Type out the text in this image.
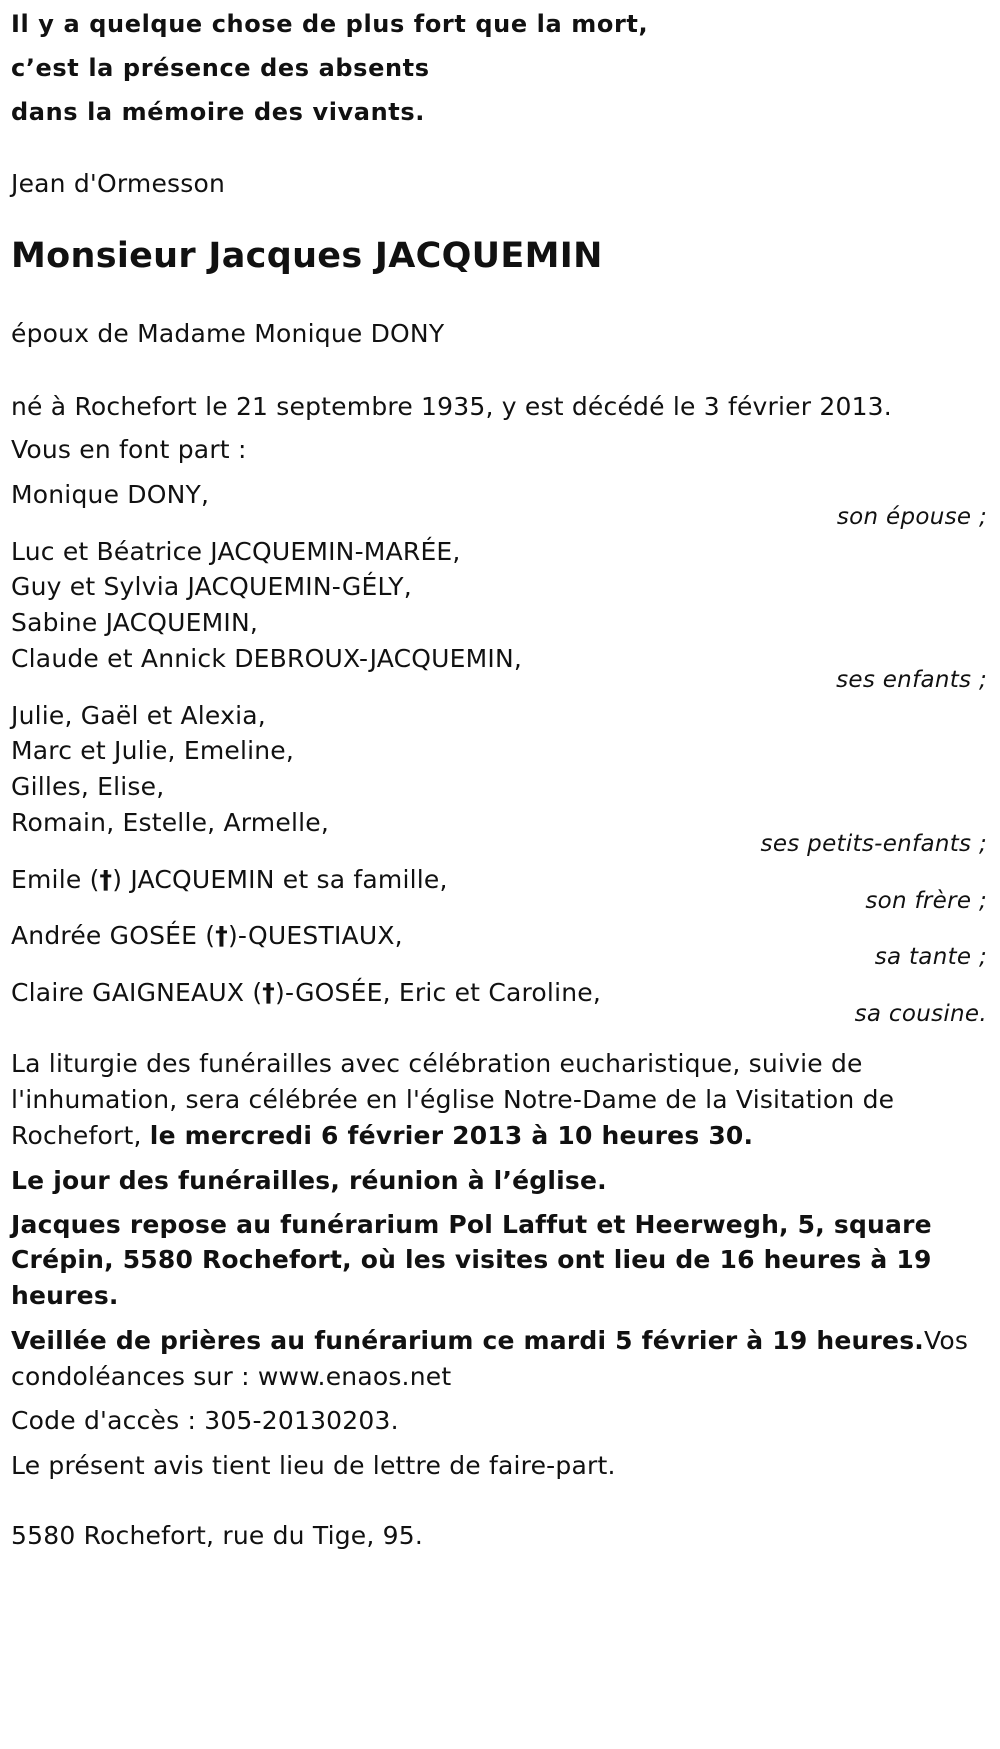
Il y a quelque chose de plus fort que la mort,
c’est la présence des absents
dans la mémoire des vivants.
Jean d'Ormesson
Monsieur Jacques JACQUEMIN
époux de Madame Monique DONY
né à Rochefort le 21 septembre 1935, y est décédé le 3 février 2013.
Vous en font part :
Monique DONY,
son épouse ;
Luc et Béatrice JACQUEMIN-MARÉE,
Guy et Sylvia JACQUEMIN-GÉLY,
Sabine JACQUEMIN,
Claude et Annick DEBROUX-JACQUEMIN,
ses enfants ;
Julie, Gaël et Alexia,
Marc et Julie, Emeline,
Gilles, Elise,
Romain, Estelle, Armelle,
ses petits-enfants ;
Emile (†) JACQUEMIN et sa famille,
son frère ;
Andrée GOSÉE (†)-QUESTIAUX,
sa tante ;
Claire GAIGNEAUX (†)-GOSÉE, Eric et Caroline,
sa cousine.
La liturgie des funérailles avec célébration eucharistique, suivie de
l'inhumation, sera célébrée en l'église Notre-Dame de la Visitation de
Rochefort, le mercredi 6 février 2013 à 10 heures 30.
Le jour des funérailles, réunion à l’église.
Jacques repose au funérarium Pol Laffut et Heerwegh, 5, square
Crépin, 5580 Rochefort, où les visites ont lieu de 16 heures à 19
heures.
Veillée de prières au funérarium ce mardi 5 février à 19 heures.Vos
condoléances sur : www.enaos.net
Code d'accès : 305-20130203.
Le présent avis tient lieu de lettre de faire-part.
5580 Rochefort, rue du Tige, 95.
